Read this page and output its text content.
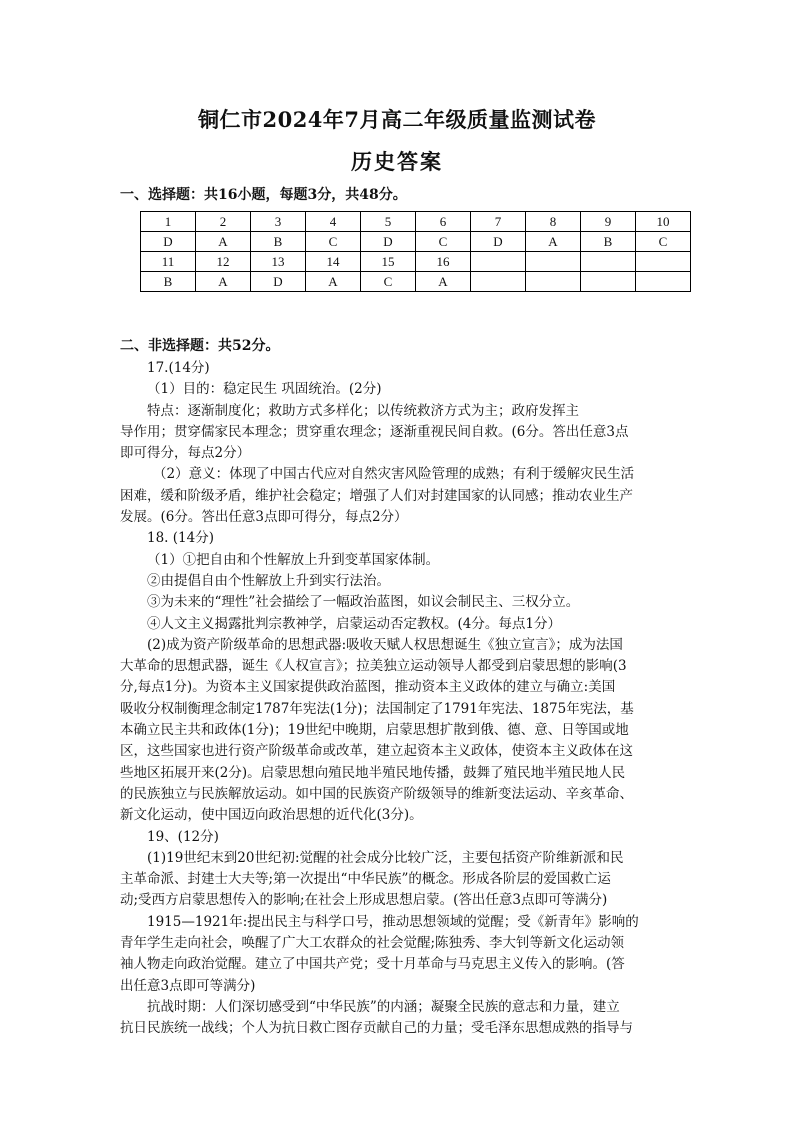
铜仁市2024年7月高二年级质量监测试卷
历史答案
一、选择题：共16小题，每题3分，共48分。
1	2	3	4	5	6	7	8	9	10
D	A	B	C	D	C	D	A	B	C
11	12	13	14	15	16				
B	A	D	A	C	A				
二、非选择题：共52分。

17.(14分)

（1）目的：稳定民生 巩固统治。(2分)

特点：逐渐制度化；救助方式多样化；以传统救济方式为主；政府发挥主

导作用；贯穿儒家民本理念；贯穿重农理念；逐渐重视民间自救。(6分。答出任意3点

即可得分，每点2分）

（2）意义：体现了中国古代应对自然灾害风险管理的成熟；有利于缓解灾民生活

困难，缓和阶级矛盾，维护社会稳定；增强了人们对封建国家的认同感；推动农业生产

发展。(6分。答出任意3点即可得分，每点2分）

18. (14分)

（1）①把自由和个性解放上升到变革国家体制。

②由提倡自由个性解放上升到实行法治。

③为未来的“理性”社会描绘了一幅政治蓝图，如议会制民主、三权分立。

④人文主义揭露批判宗教神学，启蒙运动否定教权。(4分。每点1分）

(2)成为资产阶级革命的思想武器:吸收天赋人权思想诞生《独立宣言》；成为法国

大革命的思想武器，诞生《人权宣言》；拉美独立运动领导人都受到启蒙思想的影响(3

分,每点1分)。为资本主义国家提供政治蓝图，推动资本主义政体的建立与确立:美国

吸收分权制衡理念制定1787年宪法(1分)；法国制定了1791年宪法、1875年宪法，基

本确立民主共和政体(1分)；19世纪中晚期，启蒙思想扩散到俄、德、意、日等国或地

区，这些国家也进行资产阶级革命或改革，建立起资本主义政体，使资本主义政体在这

些地区拓展开来(2分)。启蒙思想向殖民地半殖民地传播，鼓舞了殖民地半殖民地人民

的民族独立与民族解放运动。如中国的民族资产阶级领导的维新变法运动、辛亥革命、

新文化运动，使中国迈向政治思想的近代化(3分)。

19、(12分)

(1)19世纪末到20世纪初:觉醒的社会成分比较广泛，主要包括资产阶维新派和民

主革命派、封建士大夫等;第一次提出“中华民族”的概念。形成各阶层的爱国救亡运

动;受西方启蒙思想传入的影响;在社会上形成思想启蒙。(答出任意3点即可等满分)

1915—1921年:提出民主与科学口号，推动思想领域的觉醒；受《新青年》影响的

青年学生走向社会，唤醒了广大工农群众的社会觉醒;陈独秀、李大钊等新文化运动领

袖人物走向政治觉醒。建立了中国共产党；受十月革命与马克思主义传入的影响。(答

出任意3点即可等满分)

抗战时期：人们深切感受到“中华民族”的内涵；凝聚全民族的意志和力量，建立

抗日民族统一战线；个人为抗日救亡图存贡献自己的力量；受毛泽东思想成熟的指导与
